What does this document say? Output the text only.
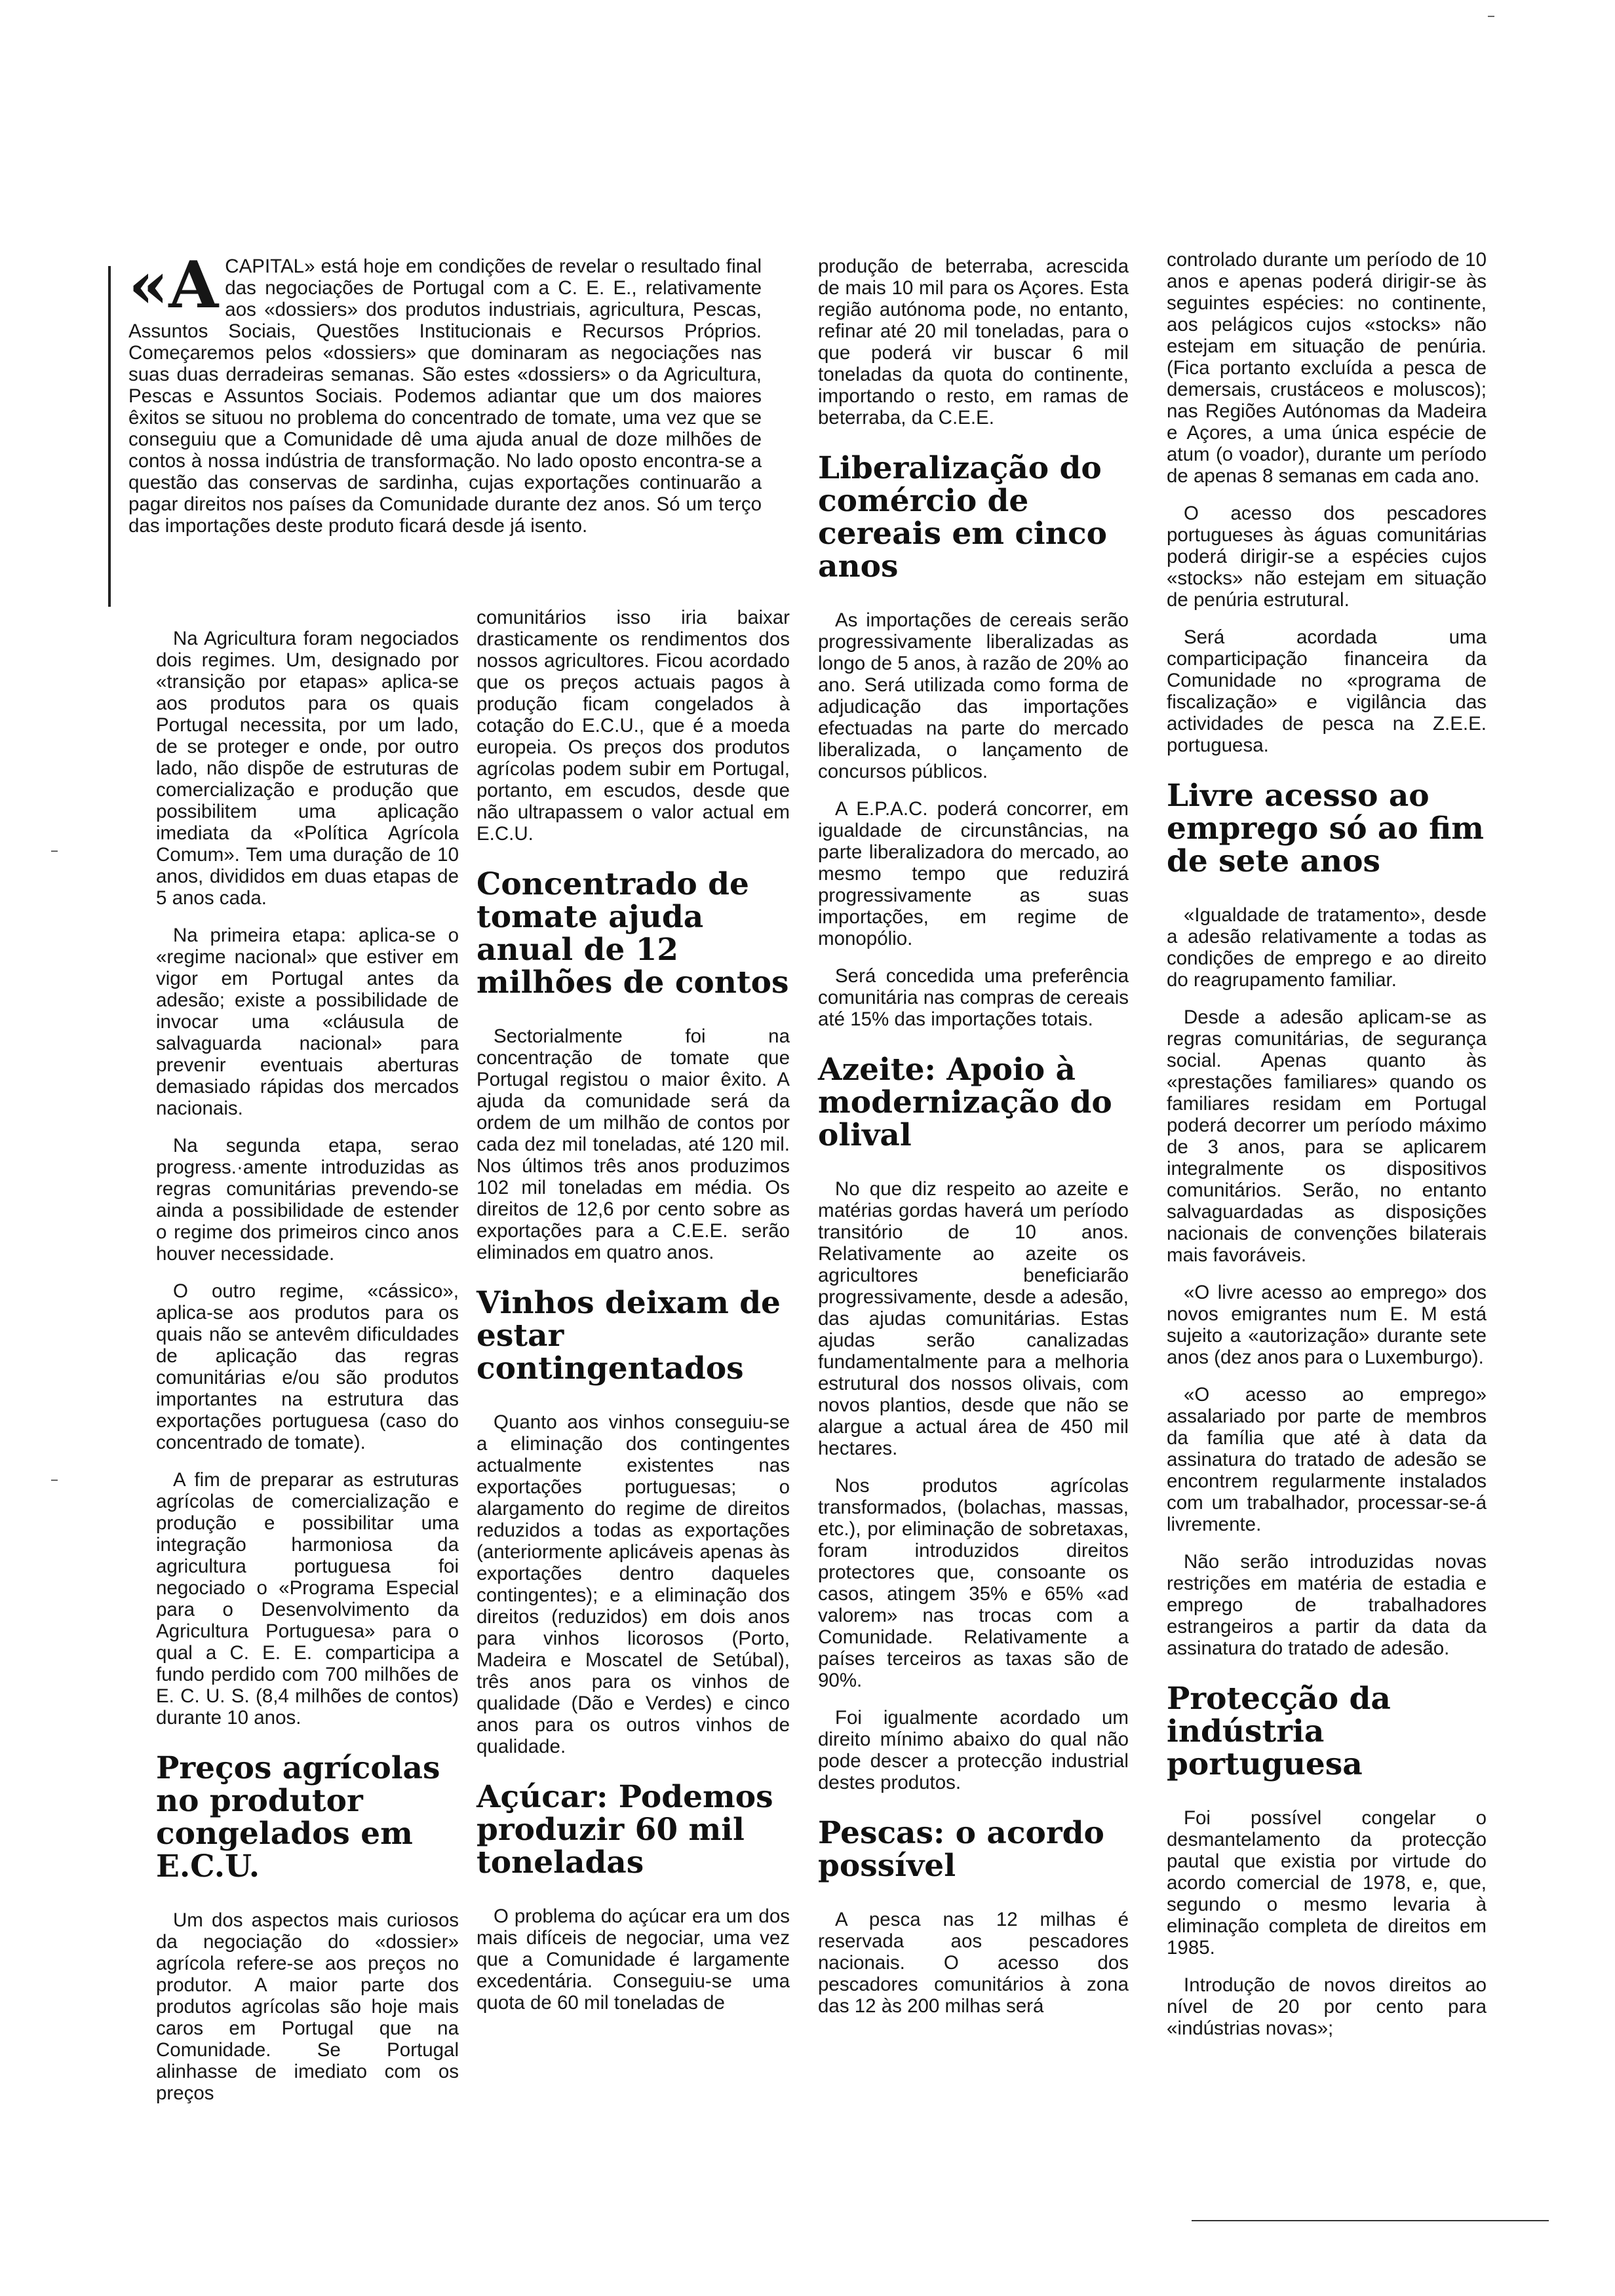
«A CAPITAL» está hoje em condições de revelar o resultado final das negociações de Portugal com a C. E. E., relativamente aos «dossiers» dos produtos industriais, agricultura, Pescas, Assuntos Sociais, Questões Institucionais e Recursos Próprios. Começaremos pelos «dossiers» que dominaram as negociações nas suas duas derradeiras semanas. São estes «dossiers» o da Agricultura, Pescas e Assuntos Sociais. Podemos adiantar que um dos maiores êxitos se situou no problema do concentrado de tomate, uma vez que se conseguiu que a Comunidade dê uma ajuda anual de doze milhões de contos à nossa indústria de transformação. No lado oposto encontra-se a questão das conservas de sardinha, cujas exportações continuarão a pagar direitos nos países da Comunidade durante dez anos. Só um terço das importações deste produto ficará desde já isento.

Na Agricultura foram negociados dois regimes. Um, designado por «transição por etapas» aplica-se aos produtos para os quais Portugal necessita, por um lado, de se proteger e onde, por outro lado, não dispõe de estruturas de comercialização e produção que possibilitem uma aplicação imediata da «Política Agrícola Comum». Tem uma duração de 10 anos, divididos em duas etapas de 5 anos cada.

Na primeira etapa: aplica-se o «regime nacional» que estiver em vigor em Portugal antes da adesão; existe a possibilidade de invocar uma «cláusula de salvaguarda nacional» para prevenir eventuais aberturas demasiado rápidas dos mercados nacionais.

Na segunda etapa, serao progress.·amente introduzidas as regras comunitárias prevendo-se ainda a possibilidade de estender o regime dos primeiros cinco anos houver necessidade.

O outro regime, «cássico», aplica-se aos produtos para os quais não se antevêm dificuldades de aplicação das regras comunitárias e/ou são produtos importantes na estrutura das exportações portuguesa (caso do concentrado de tomate).

A fim de preparar as estruturas agrícolas de comercialização e produção e possibilitar uma integração harmoniosa da agricultura portuguesa foi negociado o «Programa Especial para o Desenvolvimento da Agricultura Portuguesa» para o qual a C. E. E. comparticipa a fundo perdido com 700 milhões de E. C. U. S. (8,4 milhões de contos) durante 10 anos.

Preços agrícolas no produtor congelados em E.C.U.

Um dos aspectos mais curiosos da negociação do «dossier» agrícola refere-se aos preços no produtor. A maior parte dos produtos agrícolas são hoje mais caros em Portugal que na Comunidade. Se Portugal alinhasse de imediato com os preços

comunitários isso iria baixar drasticamente os rendimentos dos nossos agricultores. Ficou acordado que os preços actuais pagos à produção ficam congelados à cotação do E.C.U., que é a moeda europeia. Os preços dos produtos agrícolas podem subir em Portugal, portanto, em escudos, desde que não ultrapassem o valor actual em E.C.U.

Concentrado de tomate ajuda anual de 12 milhões de contos

Sectorialmente foi na concentração de tomate que Portugal registou o maior êxito. A ajuda da comunidade será da ordem de um milhão de contos por cada dez mil toneladas, até 120 mil. Nos últimos três anos produzimos 102 mil toneladas em média. Os direitos de 12,6 por cento sobre as exportações para a C.E.E. serão eliminados em quatro anos.

Vinhos deixam de estar contingentados

Quanto aos vinhos conseguiu-se a eliminação dos contingentes actualmente existentes nas exportações portuguesas; o alargamento do regime de direitos reduzidos a todas as exportações (anteriormente aplicáveis apenas às exportações dentro daqueles contingentes); e a eliminação dos direitos (reduzidos) em dois anos para vinhos licorosos (Porto, Madeira e Moscatel de Setúbal), três anos para os vinhos de qualidade (Dão e Verdes) e cinco anos para os outros vinhos de qualidade.

Açúcar: Podemos produzir 60 mil toneladas

O problema do açúcar era um dos mais difíceis de negociar, uma vez que a Comunidade é largamente excedentária. Conseguiu-se uma quota de 60 mil toneladas de

produção de beterraba, acrescida de mais 10 mil para os Açores. Esta região autónoma pode, no entanto, refinar até 20 mil toneladas, para o que poderá vir buscar 6 mil toneladas da quota do continente, importando o resto, em ramas de beterraba, da C.E.E.

Liberalização do comércio de cereais em cinco anos

As importações de cereais serão progressivamente liberalizadas as longo de 5 anos, à razão de 20% ao ano. Será utilizada como forma de adjudicação das importações efectuadas na parte do mercado liberalizada, o lançamento de concursos públicos.

A E.P.A.C. poderá concorrer, em igualdade de circunstâncias, na parte liberalizadora do mercado, ao mesmo tempo que reduzirá progressivamente as suas importações, em regime de monopólio.

Será concedida uma preferência comunitária nas compras de cereais até 15% das importações totais.

Azeite: Apoio à modernização do olival

No que diz respeito ao azeite e matérias gordas haverá um período transitório de 10 anos. Relativamente ao azeite os agricultores beneficiarão progressivamente, desde a adesão, das ajudas comunitárias. Estas ajudas serão canalizadas fundamentalmente para a melhoria estrutural dos nossos olivais, com novos plantios, desde que não se alargue a actual área de 450 mil hectares.

Nos produtos agrícolas transformados, (bolachas, massas, etc.), por eliminação de sobretaxas, foram introduzidos direitos protectores que, consoante os casos, atingem 35% e 65% «ad valorem» nas trocas com a Comunidade. Relativamente a países terceiros as taxas são de 90%.

Foi igualmente acordado um direito mínimo abaixo do qual não pode descer a protecção industrial destes produtos.

Pescas: o acordo possível

A pesca nas 12 milhas é reservada aos pescadores nacionais. O acesso dos pescadores comunitários à zona das 12 às 200 milhas será

controlado durante um período de 10 anos e apenas poderá dirigir-se às seguintes espécies: no continente, aos pelágicos cujos «stocks» não estejam em situação de penúria. (Fica portanto excluída a pesca de demersais, crustáceos e moluscos); nas Regiões Autónomas da Madeira e Açores, a uma única espécie de atum (o voador), durante um período de apenas 8 semanas em cada ano.

O acesso dos pescadores portugueses às águas comunitárias poderá dirigir-se a espécies cujos «stocks» não estejam em situação de penúria estrutural.

Será acordada uma comparticipação financeira da Comunidade no «programa de fiscalização» e vigilância das actividades de pesca na Z.E.E. portuguesa.

Livre acesso ao emprego só ao fim de sete anos

«Igualdade de tratamento», desde a adesão relativamente a todas as condições de emprego e ao direito do reagrupamento familiar.

Desde a adesão aplicam-se as regras comunitárias, de segurança social. Apenas quanto às «prestações familiares» quando os familiares residam em Portugal poderá decorrer um período máximo de 3 anos, para se aplicarem integralmente os dispositivos comunitários. Serão, no entanto salvaguardadas as disposições nacionais de convenções bilaterais mais favoráveis.

«O livre acesso ao emprego» dos novos emigrantes num E. M está sujeito a «autorização» durante sete anos (dez anos para o Luxemburgo).

«O acesso ao emprego» assalariado por parte de membros da família que até à data da assinatura do tratado de adesão se encontrem regularmente instalados com um trabalhador, processar-se-á livremente.

Não serão introduzidas novas restrições em matéria de estadia e emprego de trabalhadores estrangeiros a partir da data da assinatura do tratado de adesão.

Protecção da indústria portuguesa

Foi possível congelar o desmantelamento da protecção pautal que existia por virtude do acordo comercial de 1978, e, que, segundo o mesmo levaria à eliminação completa de direitos em 1985.

Introdução de novos direitos ao nível de 20 por cento para «indústrias novas»;
